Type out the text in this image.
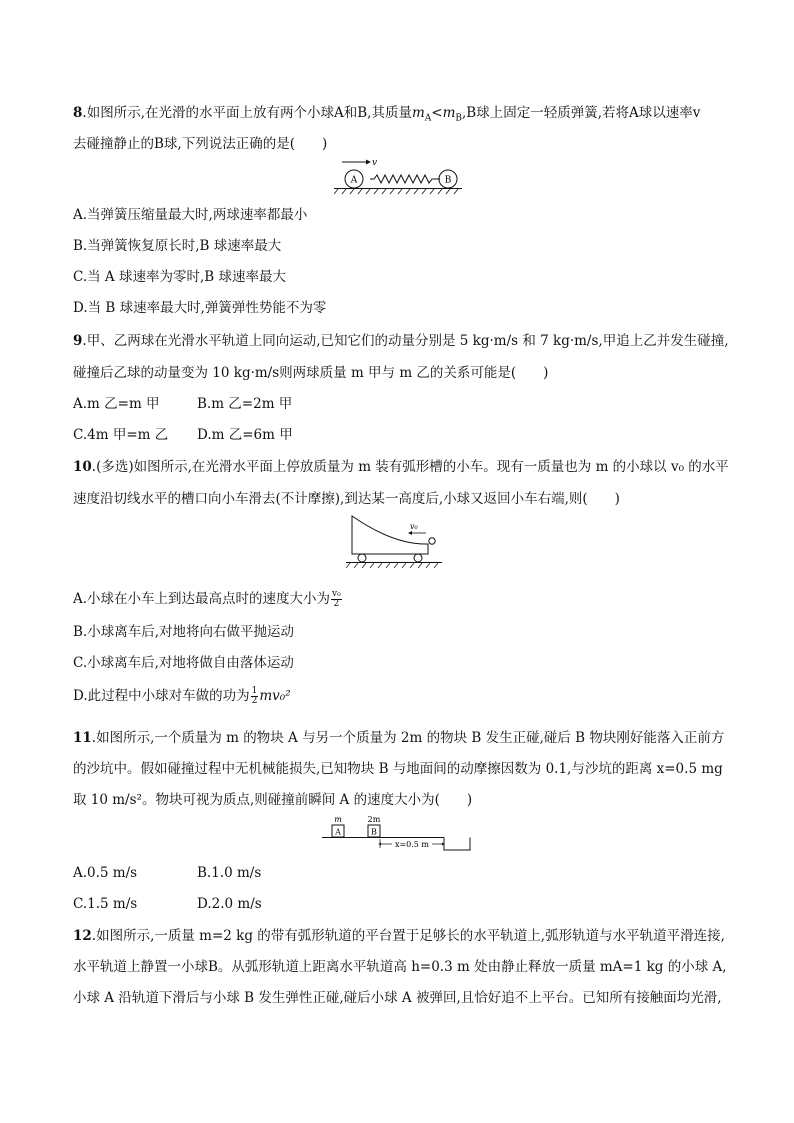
8.如图所示,在光滑的水平面上放有两个小球A和B,其质量$m_A<m_B,B$球上固定一轻质弹簧,若将A球以速率v
去碰撞静止的B球,下列说法正确的是(　　)
v
A	B
A.当弹簧压缩量最大时,两球速率都最小
B.当弹簧恢复原长时,B 球速率最大
C.当 A 球速率为零时,B 球速率最大
D.当 B 球速率最大时,弹簧弹性势能不为零
9.甲、乙两球在光滑水平轨道上同向运动,已知它们的动量分别是 5 kg·m/s 和 7 kg·m/s,甲追上乙并发生碰撞,
碰撞后乙球的动量变为 10 kg·m/s则两球质量 m 甲与 m 乙的关系可能是(　　)
A.m 乙=m 甲	B.m 乙=2m 甲
C.4m 甲=m 乙 D.m 乙=6m 甲
10.(多选)如图所示,在光滑水平面上停放质量为 m 装有弧形槽的小车。现有一质量也为 m 的小球以 v₀ 的水平
速度沿切线水平的槽口向小车滑去(不计摩擦),到达某一高度后,小球又返回小车右端,则(　　)
v₀
A.小球在小车上到达最高点时的速度大小为 $\frac{\text{v₀}}{2}$
B.小球离车后,对地将向右做平抛运动
C.小球离车后,对地将做自由落体运动
D.此过程中小球对车做的功为 $\frac{1}{2} mv_0^2$
11.如图所示,一个质量为 m 的物块 A 与另一个质量为 2m 的物块 B 发生正碰,碰后 B 物块刚好能落入正前方
的沙坑中。假如碰撞过程中无机械能损失,已知物块 B 与地面间的动摩擦因数为 0.1,与沙坑的距离 x=0.5 mg
取 10 m/s²。物块可视为质点,则碰撞前瞬间 A 的速度大小为(　　)
m	2m
A	B
x=0.5 m
A.0.5 m/s	B.1.0 m/s
C.1.5 m/s	D.2.0 m/s
12.如图所示,一质量 m=2 kg 的带有弧形轨道的平台置于足够长的水平轨道上,弧形轨道与水平轨道平滑连接,
水平轨道上静置一小球B。从弧形轨道上距离水平轨道高 h=0.3 m 处由静止释放一质量 mA=1 kg 的小球 A,
小球 A 沿轨道下滑后与小球 B 发生弹性正碰,碰后小球 A 被弹回,且恰好追不上平台。已知所有接触面均光滑,
